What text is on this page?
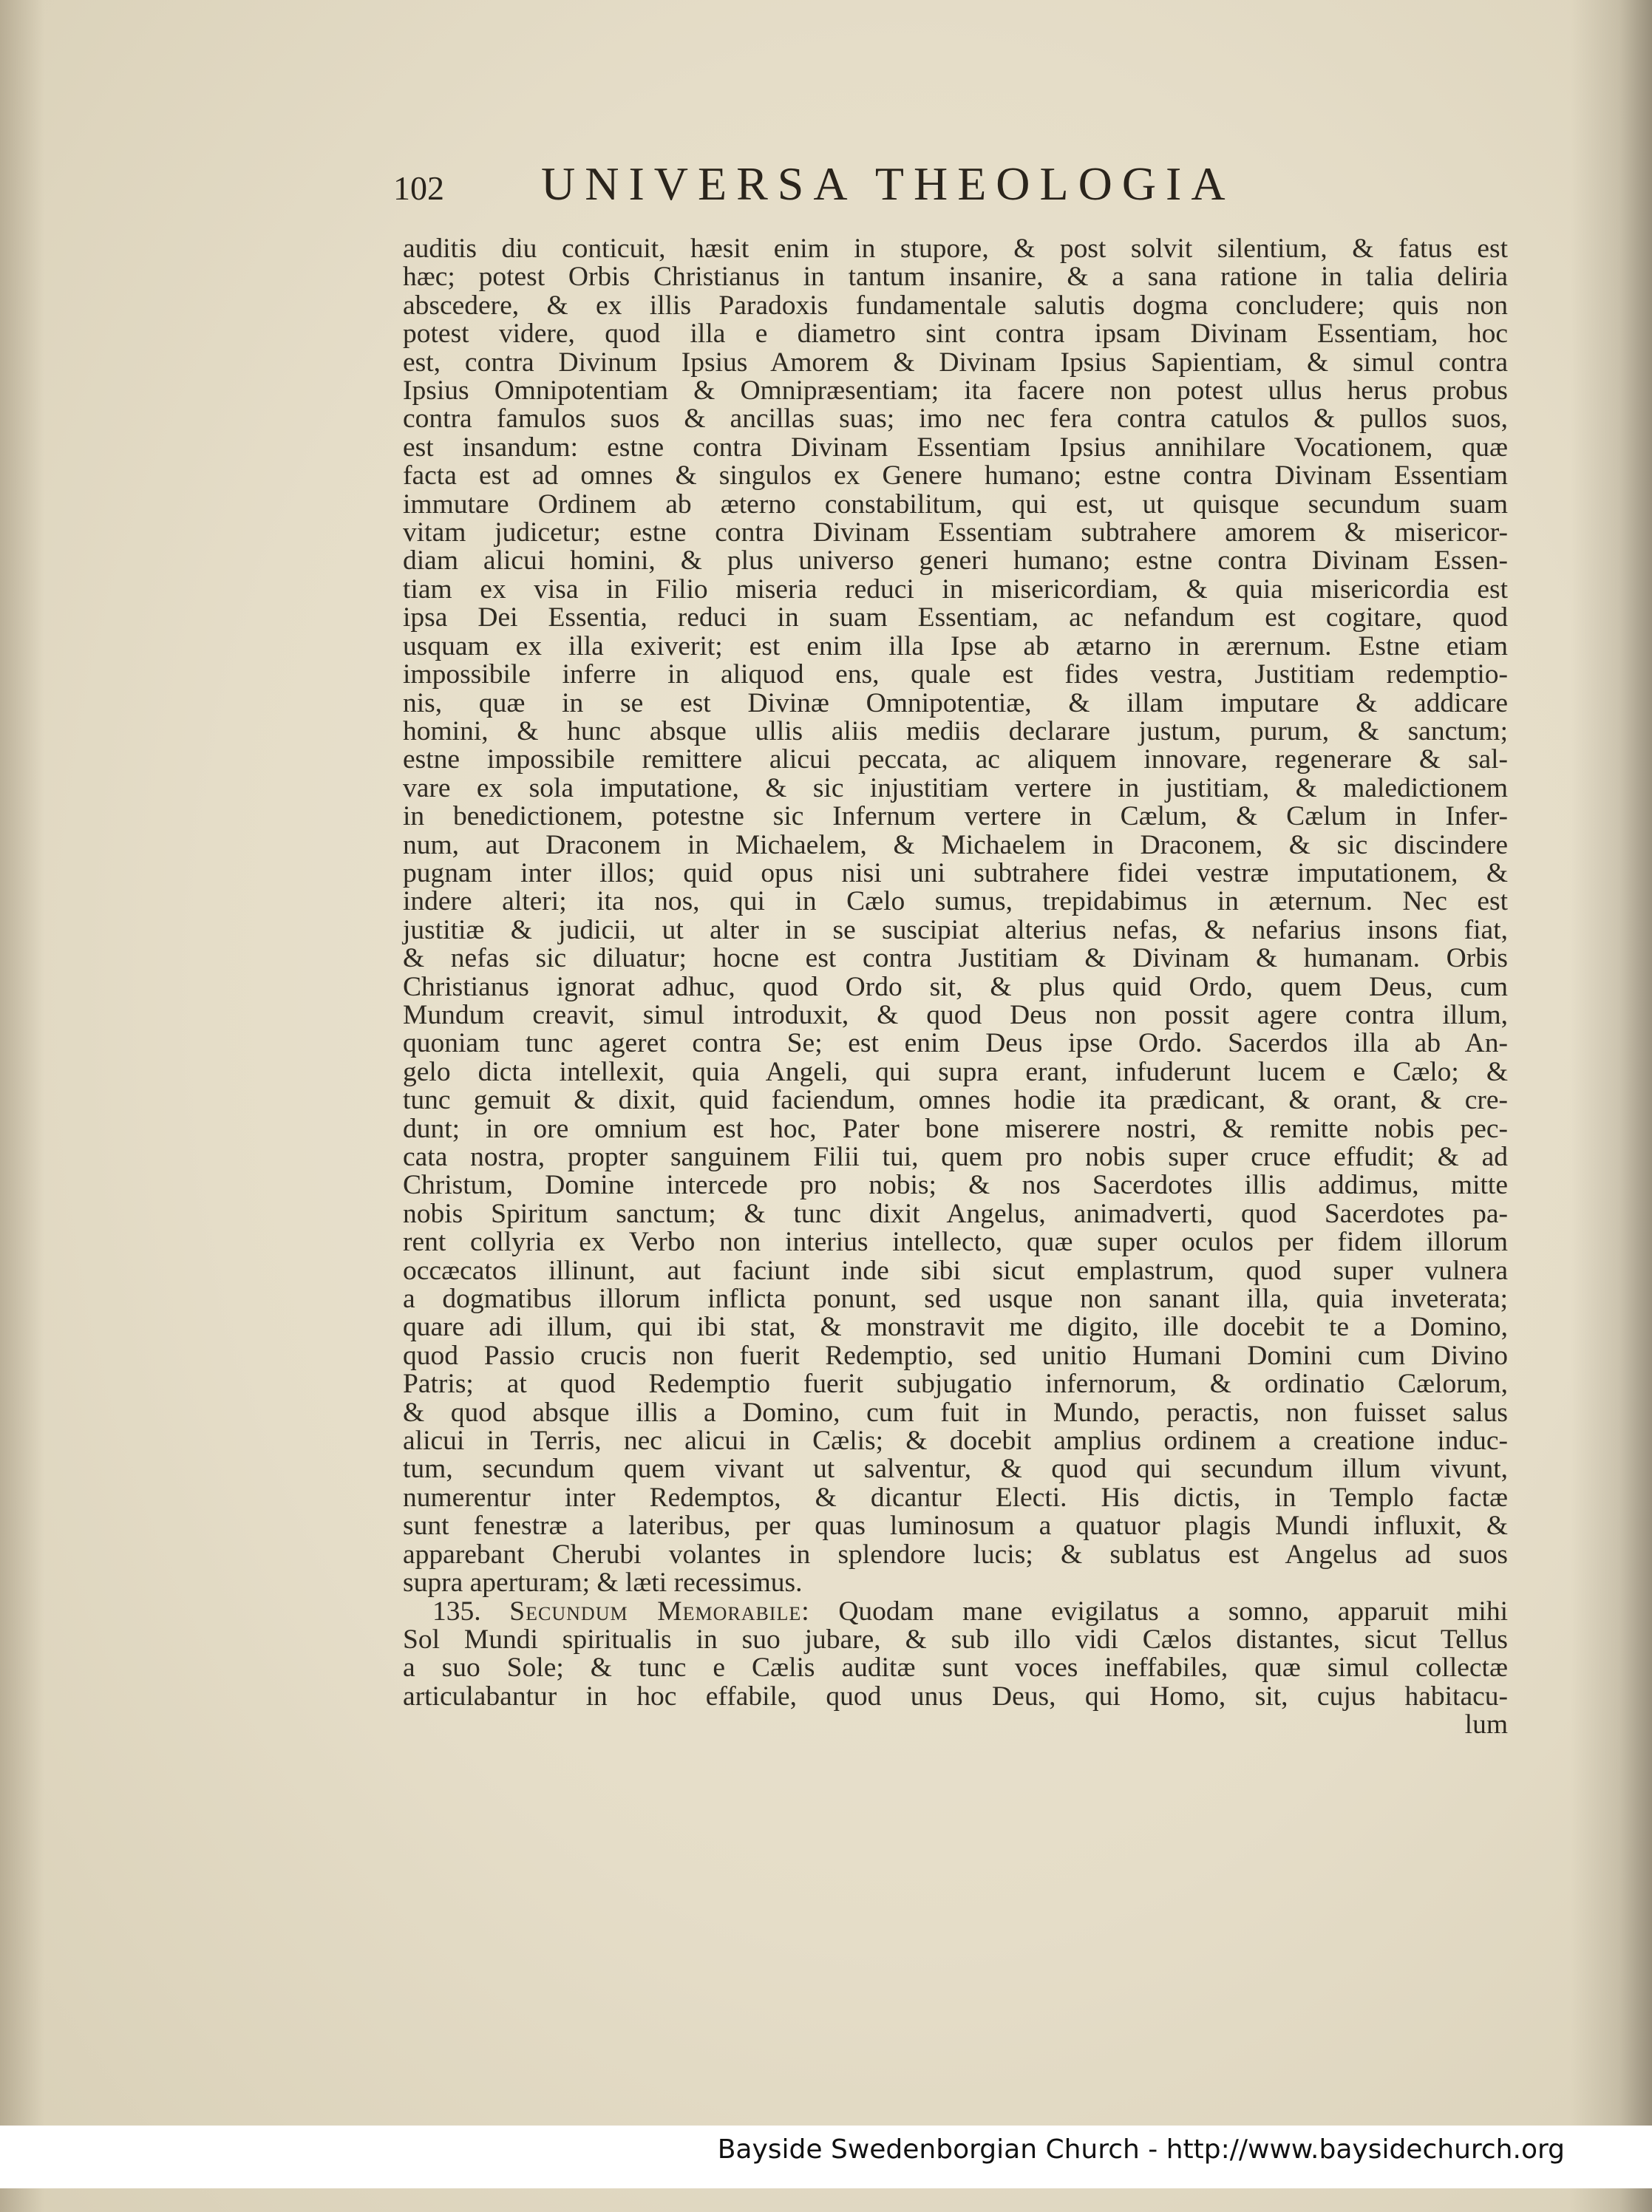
102 UNIVERSA THEOLOGIA
auditis diu conticuit, hæsit enim in stupore, & post solvit silentium, & fatus est
hæc; potest Orbis Christianus in tantum insanire, & a sana ratione in talia deliria
abscedere, & ex illis Paradoxis fundamentale salutis dogma concludere; quis non
potest videre, quod illa e diametro sint contra ipsam Divinam Essentiam, hoc
est, contra Divinum Ipsius Amorem & Divinam Ipsius Sapientiam, & simul contra
Ipsius Omnipotentiam & Omnipræsentiam; ita facere non potest ullus herus probus
contra famulos suos & ancillas suas; imo nec fera contra catulos & pullos suos,
est insandum: estne contra Divinam Essentiam Ipsius annihilare Vocationem, quæ
facta est ad omnes & singulos ex Genere humano; estne contra Divinam Essentiam
immutare Ordinem ab æterno constabilitum, qui est, ut quisque secundum suam
vitam judicetur; estne contra Divinam Essentiam subtrahere amorem & misericor-
diam alicui homini, & plus universo generi humano; estne contra Divinam Essen-
tiam ex visa in Filio miseria reduci in misericordiam, & quia misericordia est
ipsa Dei Essentia, reduci in suam Essentiam, ac nefandum est cogitare, quod
usquam ex illa exiverit; est enim illa Ipse ab ætarno in ærernum. Estne etiam
impossibile inferre in aliquod ens, quale est fides vestra, Justitiam redemptio-
nis, quæ in se est Divinæ Omnipotentiæ, & illam imputare & addicare
homini, & hunc absque ullis aliis mediis declarare justum, purum, & sanctum;
estne impossibile remittere alicui peccata, ac aliquem innovare, regenerare & sal-
vare ex sola imputatione, & sic injustitiam vertere in justitiam, & maledictionem
in benedictionem, potestne sic Infernum vertere in Cælum, & Cælum in Infer-
num, aut Draconem in Michaelem, & Michaelem in Draconem, & sic discindere
pugnam inter illos; quid opus nisi uni subtrahere fidei vestræ imputationem, &
indere alteri; ita nos, qui in Cælo sumus, trepidabimus in æternum. Nec est
justitiæ & judicii, ut alter in se suscipiat alterius nefas, & nefarius insons fiat,
& nefas sic diluatur; hocne est contra Justitiam & Divinam & humanam. Orbis
Christianus ignorat adhuc, quod Ordo sit, & plus quid Ordo, quem Deus, cum
Mundum creavit, simul introduxit, & quod Deus non possit agere contra illum,
quoniam tunc ageret contra Se; est enim Deus ipse Ordo. Sacerdos illa ab An-
gelo dicta intellexit, quia Angeli, qui supra erant, infuderunt lucem e Cælo; &
tunc gemuit & dixit, quid faciendum, omnes hodie ita prædicant, & orant, & cre-
dunt; in ore omnium est hoc, Pater bone miserere nostri, & remitte nobis pec-
cata nostra, propter sanguinem Filii tui, quem pro nobis super cruce effudit; & ad
Christum, Domine intercede pro nobis; & nos Sacerdotes illis addimus, mitte
nobis Spiritum sanctum; & tunc dixit Angelus, animadverti, quod Sacerdotes pa-
rent collyria ex Verbo non interius intellecto, quæ super oculos per fidem illorum
occæcatos illinunt, aut faciunt inde sibi sicut emplastrum, quod super vulnera
a dogmatibus illorum inflicta ponunt, sed usque non sanant illa, quia inveterata;
quare adi illum, qui ibi stat, & monstravit me digito, ille docebit te a Domino,
quod Passio crucis non fuerit Redemptio, sed unitio Humani Domini cum Divino
Patris; at quod Redemptio fuerit subjugatio infernorum, & ordinatio Cælorum,
& quod absque illis a Domino, cum fuit in Mundo, peractis, non fuisset salus
alicui in Terris, nec alicui in Cælis; & docebit amplius ordinem a creatione induc-
tum, secundum quem vivant ut salventur, & quod qui secundum illum vivunt,
numerentur inter Redemptos, & dicantur Electi. His dictis, in Templo factæ
sunt fenestræ a lateribus, per quas luminosum a quatuor plagis Mundi influxit, &
apparebant Cherubi volantes in splendore lucis; & sublatus est Angelus ad suos
supra aperturam; & læti recessimus.
135. Secundum Memorabile: Quodam mane evigilatus a somno, apparuit mihi
Sol Mundi spiritualis in suo jubare, & sub illo vidi Cælos distantes, sicut Tellus
a suo Sole; & tunc e Cælis auditæ sunt voces ineffabiles, quæ simul collectæ
articulabantur in hoc effabile, quod unus Deus, qui Homo, sit, cujus habitacu-
lum
Bayside Swedenborgian Church - http://www.baysidechurch.org
